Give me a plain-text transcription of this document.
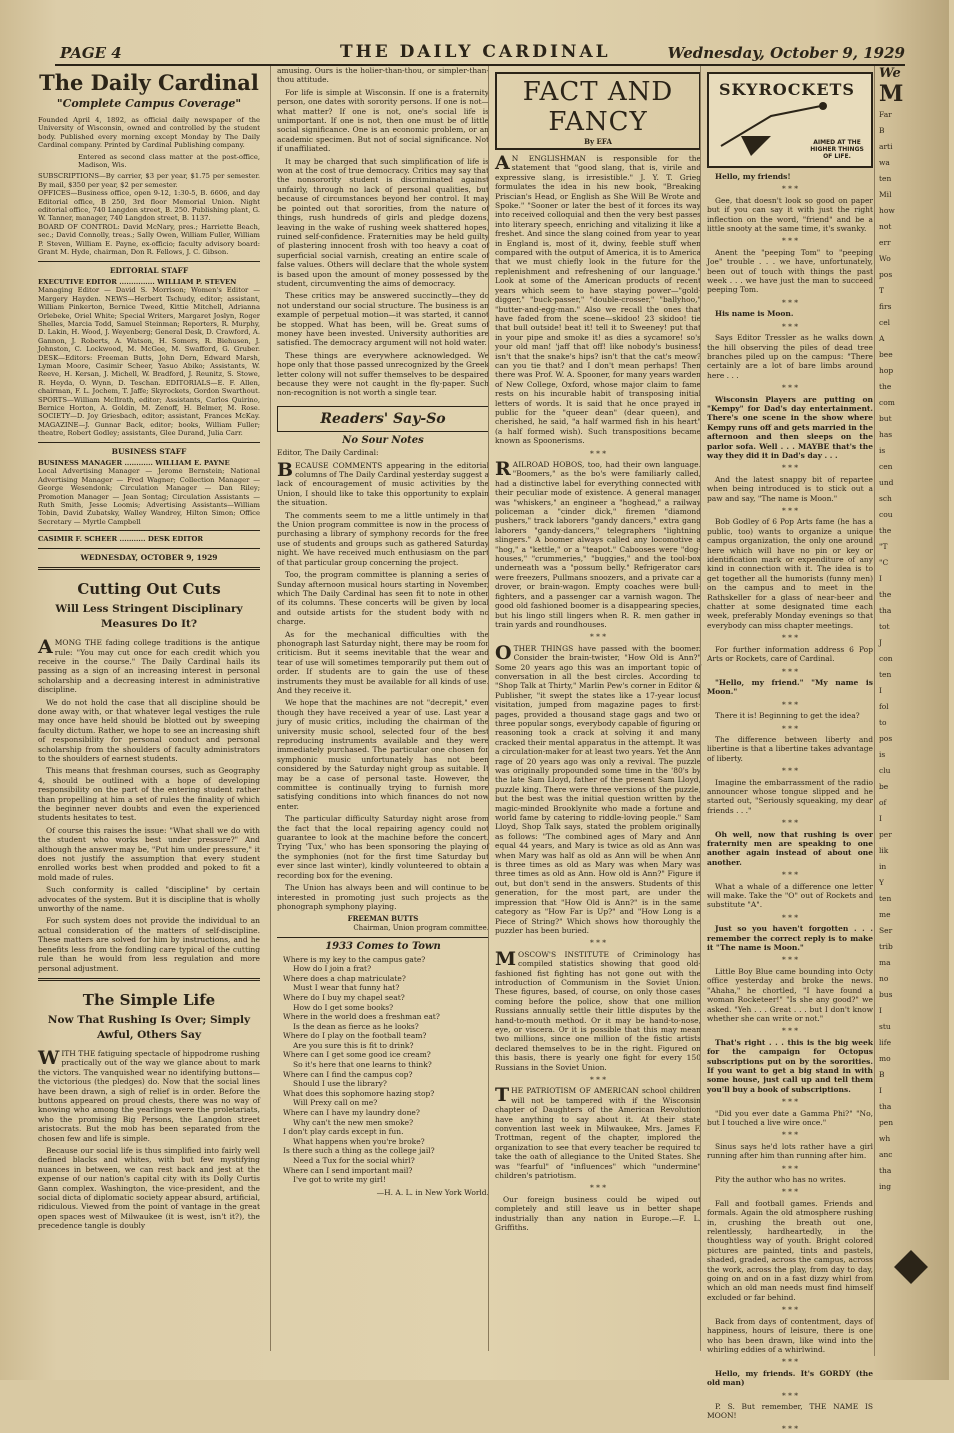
PAGE 4	THE DAILY CARDINAL	Wednesday, October 9, 1929
The Daily Cardinal
"Complete Campus Coverage"
Founded April 4, 1892, as official daily newspaper of the University of Wisconsin, owned and controlled by the student body. Published every morning except Monday by The Daily Cardinal company. Printed by Cardinal Publishing company.
Entered as second class matter at the post-office, Madison, Wis.
SUBSCRIPTIONS—By carrier, $3 per year, $1.75 per semester. By mail, $350 per year, $2 per semester.
OFFICES—Business office, open 9-12, 1:30-5, B. 6606, and day Editorial office, B 250, 3rd floor Memorial Union. Night editorial office, 740 Langdon street, B. 250. Publishing plant, G. W. Tanner, manager, 740 Langdon street, B. 1137.
BOARD OF CONTROL: David McNary, pres.; Harriette Beach, sec.; David Connolly, treas.; Sally Owen, William Fuller, William P. Steven, William E. Payne, ex-officio; faculty advisory board: Grant M. Hyde, chairman, Don R. Fellows, J. C. Gibson.
EDITORIAL STAFF
EXECUTIVE EDITOR ............... WILLIAM P. STEVEN
Managing Editor — David S. Morrison; Women's Editor — Margery Hayden. NEWS—Herbert Tschudy, editor; assistant, William Pinkerton, Bernice Tweed, Kittie Mitchell, Adrianna Orlebeke, Oriel White; Special Writers, Margaret Joslyn, Roger Shelles, Marcia Todd, Samuel Steinman; Reporters, R. Murphy, D. Lakin, H. Wood, J. Weyenberg; General Desk, D. Crawford, A. Gannon, J. Roberts, A. Watson, H. Somers, R. Biehusen, J. Johnston, C. Lockwood, M. McGee, M. Swafford, G. Gruber. DESK—Editors: Freeman Butts, John Dern, Edward Marsh, Lyman Moore, Casimir Scheer, Yasuo Abiko; Assistants, W. Reeve, H. Kersan, J. Michell, W. Bradford, J. Reunitz, S. Stowe, R. Heyda, O. Wynn, D. Teschan. EDITORIALS—E. F. Allen, chairman, F. L. Jochem, T. Jaffe; Skyrockets, Gordon Swarthout. SPORTS—William McIlrath, editor; Assistants, Carlos Quirino, Bernice Horton, A. Goldin, M. Zenoff, H. Belmer, M. Rose. SOCIETY—D. Joy Griesbach, editor; assistant, Frances McKay. MAGAZINE—J. Gunnar Back, editor; books, William Fuller; theatre, Robert Godley; assistants, Glee Durand, Julia Carr.
BUSINESS STAFF
BUSINESS MANAGER ............ WILLIAM E. PAYNE
Local Advertising Manager — Jerome Bernstein; National Advertising Manager — Fred Wagner; Collection Manager — George Wesendonk; Circulation Manager — Dan Riley; Promotion Manager — Jean Sontag; Circulation Assistants — Ruth Smith, Jesse Loomis; Advertising Assistants—William Tobin, David Zubatsky, Walley Wandrey, Hilton Simon; Office Secretary — Myrtle Campbell
CASIMIR F. SCHEER ........... DESK EDITOR
WEDNESDAY, OCTOBER 9, 1929
Cutting Out Cuts
Will Less Stringent Disciplinary Measures Do It?

AMONG THE fading college traditions is the antique rule: "You may cut once for each credit which you receive in the course." The Daily Cardinal hails its passing as a sign of an increasing interest in personal scholarship and a decreasing interest in administrative discipline.

We do not hold the case that all discipline should be done away with, or that whatever legal vestiges the rule may once have held should be blotted out by sweeping faculty dictum. Rather, we hope to see an increasing shift of responsibility for personal conduct and personal scholarship from the shoulders of faculty administrators to the shoulders of earnest students.

This means that freshman courses, such as Geography 4, should be outlined with a hope of developing responsibility on the part of the entering student rather than propelling at him a set of rules the finality of which the beginner never doubts and even the experienced students hesitates to test.

Of course this raises the issue: "What shall we do with the student who works best under pressure?" And although the answer may be, "Put him under pressure," it does not justify the assumption that every student enrolled works best when prodded and poked to fit a mold made of rules.

Such conformity is called "discipline" by certain advocates of the system. But it is discipline that is wholly unworthy of the name.

For such system does not provide the individual to an actual consideration of the matters of self-discipline. These matters are solved for him by instructions, and he benefits less from the fondling care typical of the cutting rule than he would from less regulation and more personal adjustment.

The Simple Life
Now That Rushing Is Over; Simply Awful, Others Say

WITH THE fatiguing spectacle of hippodrome rushing practically out of the way we glance about to mark the victors. The vanquished wear no identifying buttons—the victorious (the pledges) do. Now that the social lines have been drawn, a sigh of relief is in order. Before the buttons appeared on proud chests, there was no way of knowing who among the yearlings were the proletariats, who the promising Big Persons, the Langdon street aristocrats. But the mob has been separated from the chosen few and life is simple.

Because our social life is thus simplified into fairly well defined blacks and whites, with but few mystifying nuances in between, we can rest back and jest at the expense of our nation's capital city with its Dolly Curtis Gann complex. Washington, the vice-president, and the social dicta of diplomatic society appear absurd, artificial, ridiculous. Viewed from the point of vantage in the great open spaces west of Milwaukee (it is west, isn't it?), the precedence tangle is doubly

amusing. Ours is the holier-than-thou, or simpler-than-thou attitude.

For life is simple at Wisconsin. If one is a fraternity person, one dates with sorority persons. If one is not—what matter? If one is not, one's social life is unimportant. If one is not, then one must be of little social significance. One is an economic problem, or an academic specimen. But not of social significance. Not if unaffiliated.

It may be charged that such simplification of life is won at the cost of true democracy. Critics may say that the nonsorority student is discriminated against unfairly, through no lack of personal qualities, but because of circumstances beyond her control. It may be pointed out that sororities, from the nature of things, rush hundreds of girls and pledge dozens, leaving in the wake of rushing week shattered hopes, ruined self-confidence. Fraternities may be held guilty of plastering innocent frosh with too heavy a coat of superficial social varnish, creating an entire scale of false values. Others will declare that the whole system is based upon the amount of money possessed by the student, circumventing the aims of democracy.

These critics may be answered succinctly—they do not understand our social structure. The business is an example of perpetual motion—it was started, it cannot be stopped. What has been, will be. Great sums of money have been invested. University authorities are satisfied. The democracy argument will not hold water.

These things are everywhere acknowledged. We hope only that those passed unrecognized by the Greek letter colony will not suffer themselves to be despaired because they were not caught in the fly-paper. Such non-recognition is not worth a single tear.

Readers' Say-So
No Sour Notes

Editor, The Daily Cardinal:

BECAUSE COMMENTS appearing in the editorial columns of The Daily Cardinal yesterday suggest a lack of encouragement of music activities by the Union, I should like to take this opportunity to explain the situation.

The comments seem to me a little untimely in that the Union program committee is now in the process of purchasing a library of symphony records for the free use of students and groups such as gathered Saturday night. We have received much enthusiasm on the part of that particular group concerning the project.

Too, the program committee is planning a series of Sunday afternoon musical hours starting in November, which The Daily Cardinal has seen fit to note in other of its columns. These concerts will be given by local and outside artists for the student body with no charge.

As for the mechanical difficulties with the phonograph last Saturday night, there may be room for criticism. But it seems inevitable that the wear and tear of use will sometimes temporarily put them out of order. If students are to gain the use of these instruments they must be available for all kinds of use. And they receive it.

We hope that the machines are not "decrepit," even though they have received a year of use. Last year a jury of music critics, including the chairman of the university music school, selected four of the best reproducing instruments available and they were immediately purchased. The particular one chosen for symphonic music unfortunately has not been considered by the Saturday night group as suitable. It may be a case of personal taste. However, the committee is continually trying to furnish more satisfying conditions into which finances do not now enter.

The particular difficulty Saturday night arose from the fact that the local repairing agency could not guarantee to look at the machine before the concert. Trying 'Tux,' who has been sponsoring the playing of the symphonies (not for the first time Saturday but ever since last winter), kindly volunteered to obtain a recording box for the evening.

The Union has always been and will continue to be interested in promoting just such projects as the phonograph symphony playing.

FREEMAN BUTTS
Chairman, Union program committee.
1933 Comes to Town
Where is my key to the campus gate?
How do I join a frat?
Where does a chap matriculate?
Must I wear that funny hat?
Where do I buy my chapel seat?
How do I get some books?
Where in the world does a freshman eat?
Is the dean as fierce as he looks?
Where do I play on the football team?
Are you sure this is fit to drink?
Where can I get some good ice cream?
So it's here that one learns to think?
Where can I find the campus cop?
Should I use the library?
What does this sophomore hazing stop?
Will Prexy call on me?
Where can I have my laundry done?
Why can't the new men smoke?
I don't play cards except in fun.
What happens when you're broke?
Is there such a thing as the college jail?
Need a Tux for the social whirl?
Where can I send important mail?
I've got to write my girl!
—H. A. L. in New York World.
FACT AND FANCY
By EFA

A N ENGLISHMAN is responsible for the statement that "good slang, that is, virile and expressive slang, is irresistible." J. Y. T. Grieg formulates the idea in his new book, "Breaking Priscian's Head, or English as She Will Be Wrote and Spoke." "Sooner or later the best of it forces its way into received colloquial and then the very best passes into literary speech, enriching and vitalizing it like a freshet. And since the slang coined from year to year in England is, most of it, dwiny, feeble stuff when compared with the output of America, it is to America that we must chiefly look in the future for the replenishment and refreshening of our language." Look at some of the American products of recent years which seem to have staying power—"gold-digger," "buck-passer," "double-crosser," "ballyhoo," "butter-and-egg-man." Also we recall the ones that have faded from the scene—skidoo! 23 skidoo! tie that bull outside! beat it! tell it to Sweeney! put that in your pipe and smoke it! as dies a sycamore! so's your old man! 'jaff that off! like nobody's business! isn't that the snake's hips? isn't that the cat's meow? can you tie that? and I don't mean perhaps! Then there was Prof. W. A. Spooner, for many years warden of New College, Oxford, whose major claim to fame rests on his incurable habit of transposing initial letters of words. It is said that he once prayed in public for the "queer dean" (dear queen), and cherished, he said, "a half warmed fish in his heart" (a half formed wish). Such transpositions became known as Spoonerisms.

* * *

RAILROAD HOBOS, too, had their own language. "Boomers," as the bo's were familiarly called, had a distinctive label for everything connected with their peculiar mode of existence. A general manager was "whiskers," an engineer a "hoghead," a railway policeman a "cinder dick," firemen "diamond pushers," track laborers "gandy dancers," extra gang laborers "gandy-dancers," telegraphers "lightning slingers." A boomer always called any locomotive a "hog," a "kettle," or a "teapot." Cabooses were "dog-houses," "crummeries," "buggies," and the tool-box underneath was a "possum belly." Refrigerator cars were freezers, Pullmans snoozers, and a private car a drover, or brain-wagon. Empty coaches were bull-fighters, and a passenger car a varnish wagon. The good old fashioned boomer is a disappearing species, but his lingo still lingers when R. R. men gather in train yards and roundhouses.

* * *

OTHER THINGS have passed with the boomer. Consider the brain-twister, "How Old is Ann?" Some 20 years ago this was an important topic of conversation in all the best circles. According to "Shop Talk at Thirty," Marlin Pew's corner in Editor & Publisher, "it swept the states like a 17-year locust visitation, jumped from magazine pages to first-pages, provided a thousand stage gags and two or three popular songs, everybody capable of figuring or reasoning took a crack at solving it and many cracked their mental apparatus in the attempt. It was a circulation-maker for at least two years. Yet the Ann rage of 20 years ago was only a revival. The puzzle was originally propounded some time in the '80's by the late Sam Lloyd, father of the present Sam Lloyd, puzzle king. There were three versions of the puzzle, but the best was the initial question written by the magic-minded Brooklynite who made a fortune and world fame by catering to riddle-loving people." Sam Lloyd, Shop Talk says, stated the problem originally as follows: "The combined ages of Mary and Ann equal 44 years, and Mary is twice as old as Ann was when Mary was half as old as Ann will be when Ann is three times as old as Mary was when Mary was three times as old as Ann. How old is Ann?" Figure it out, but don't send in the answers. Students of this generation, for the most part, are under the impression that "How Old is Ann?" is in the same category as "How Far is Up?" and "How Long is a Piece of String?" Which shows how thoroughly the puzzler has been buried.

* * *

MOSCOW'S INSTITUTE of Criminology has compiled statistics showing that good old-fashioned fist fighting has not gone out with the introduction of Communism in the Soviet Union. These figures, based, of course, on only those cases coming before the police, show that one million Russians annually settle their little disputes by the hand-to-mouth method. Or it may be hand-to-nose, eye, or viscera. Or it is possible that this may mean two millions, since one million of the fistic artists declared themselves to be in the right. Figured on this basis, there is yearly one fight for every 150 Russians in the Soviet Union.

* * *

THE PATRIOTISM OF AMERICAN school children will not be tampered with if the Wisconsin chapter of Daughters of the American Revolution have anything to say about it. At their state convention last week in Milwaukee, Mrs. James F. Trottman, regent of the chapter, implored the organization to see that every teacher be required to take the oath of allegiance to the United States. She was "fearful" of "influences" which "undermine" children's patriotism.

* * *

Our foreign business could be wiped out completely and still leave us in better shape industrially than any nation in Europe.—F. L. Griffiths.

SKYROCKETS
AIMED AT THE HIGHER THINGS OF LIFE.

Hello, my friends!

* * *

Gee, that doesn't look so good on paper but if you can say it with just the right inflection on the word, "friend" and be a little snooty at the same time, it's swanky.

* * *

Anent the "peeping Tom" to "peeping Joe" trouble . . . we have, unfortunately, been out of touch with things the past week . . . we have just the man to succeed peeping Tom.

* * *

His name is Moon.

* * *

Says Editor Tressler as he walks down the hill observing the piles of dead tree branches piled up on the campus: "There certainly are a lot of bare limbs around here . . .

* * *

Wisconsin Players are putting on "Kempy" for Dad's day entertainment. There's one scene in the show where Kempy runs off and gets married in the afternoon and then sleeps on the parlor sofa. Well . . . MAYBE that's the way they did it in Dad's day . . .

* * *

And the latest snappy bit of repartee when being introduced is to stick out a paw and say, "The name is Moon."

* * *

Bob Godley of 6 Pop Arts fame (he has a public, too) wants to organize a unique campus organization, the only one around here which will have no pin or key or identification mark or expenditure of any kind in connection with it. The idea is to get together all the humorists (funny men) on the campus and to meet in the Rathskeller for a glass of near-beer and chatter at some designated time each week, preferably Monday evenings so that everybody can miss chapter meetings.

* * *

For further information address 6 Pop Arts or Rockets, care of Cardinal.

* * *

"Hello, my friend." "My name is Moon."

* * *

There it is! Beginning to get the idea?

* * *

The difference between liberty and libertine is that a libertine takes advantage of liberty.

* * *

Imagine the embarrassment of the radio announcer whose tongue slipped and he started out, "Seriously squeaking, my dear friends . . ."

* * *

Oh well, now that rushing is over fraternity men are speaking to one another again instead of about one another.

* * *

What a whale of a difference one letter will make. Take the "O" out of Rockets and substitute "A".

* * *

Just so you haven't forgotten . . . remember the correct reply is to make it "The name is Moon."

* * *

Little Boy Blue came bounding into Octy office yesterday and broke the news. "Ahaha," he chortled, "I have found a woman Rocketeer!" "Is she any good?" we asked. "Yeh . . . Great . . . but I don't know whether she can write or not."

* * *

That's right . . . this is the big week for the campaign for Octopus subscriptions put on by the sororities. If you want to get a big stand in with some house, just call up and tell them you'll buy a book of subscriptions.

* * *

"Did you ever date a Gamma Phi?" "No, but I touched a live wire once."

* * *

Sinus says he'd lots rather have a girl running after him than running after him.

* * *

Pity the author who has no writes.

* * *

Fall and football games. Friends and formals. Again the old atmosphere rushing in, crushing the breath out one, relentlessly, hardheartedly, in the thoughtless way of youth. Bright colored pictures are painted, tints and pastels, shaded, graded, across the campus, across the work, across the play, from day to day, going on and on in a fast dizzy whirl from which an old man needs must find himself excluded or far behind.

* * *

Back from days of contentment, days of happiness, hours of leisure, there is one who has been drawn, like wind into the whirling eddies of a whirlwind.

* * *

Hello, my friends. It's GORDY (the old man)

* * *

P. S. But remember, THE NAME IS MOON!

* * *
We
M
Far
B
arti
wa
ten
Mil
how
not
err
Wo
pos
T
firs
cel
A
bee
hop
the
com
but
has
is
cen
und
sch
cou
the
"T
"C
I
the
tha
tot
J
con
ten
I
fol
to
pos
is
clu
be
of
I
per
lik
in
Y
ten
me
Ser
trib
ma
no
bus
I
stu
life
mo
B
I
tha
pen
wh
anc
tha
ing
